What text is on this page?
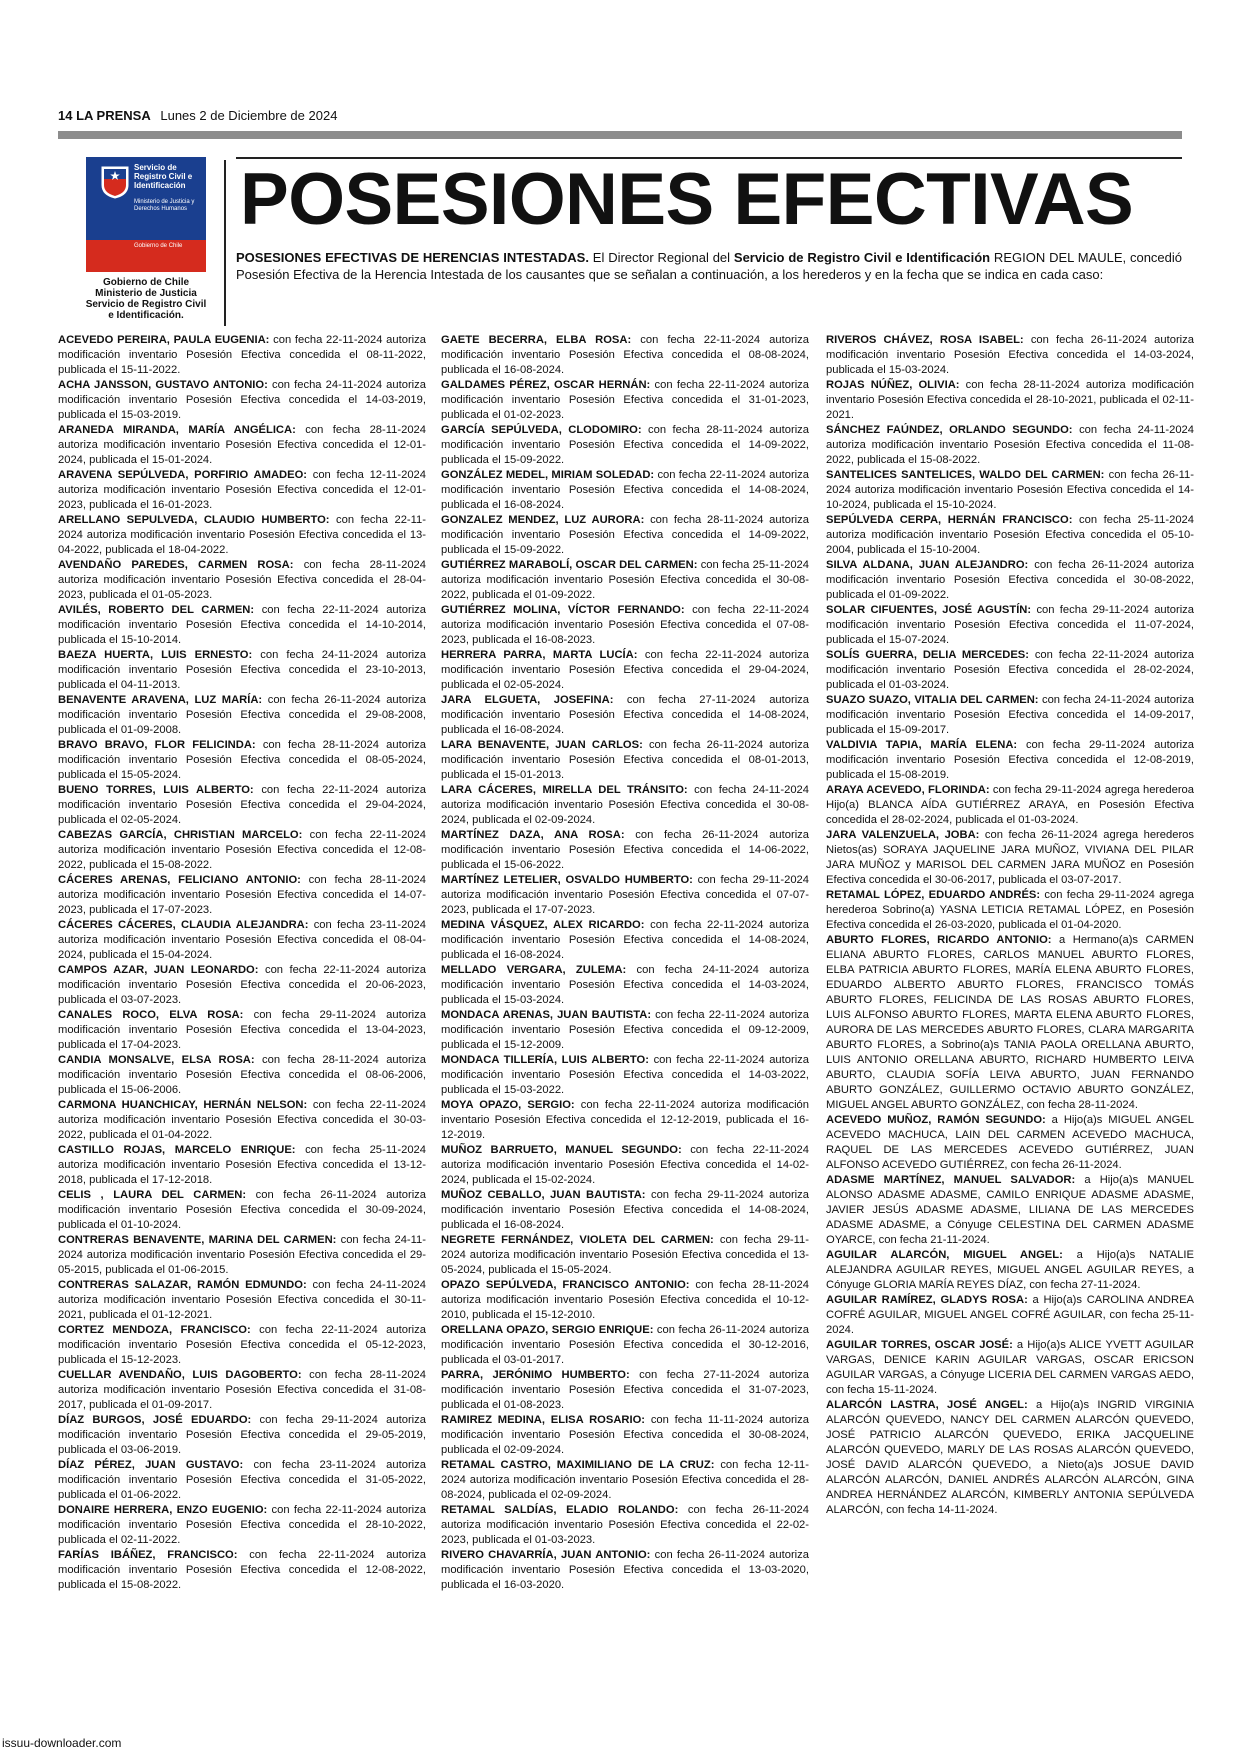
14 LA PRENSA Lunes 2 de Diciembre de 2024
Servicio de Registro Civil e Identificación
Ministerio de Justicia y Derechos Humanos
Gobierno de Chile
Gobierno de Chile
Ministerio de Justicia
Servicio de Registro Civil
e Identificación.
POSESIONES EFECTIVAS
POSESIONES EFECTIVAS DE HERENCIAS INTESTADAS. El Director Regional del Servicio de Registro Civil e Identificación REGION DEL MAULE, concedió Posesión Efectiva de la Herencia Intestada de los causantes que se señalan a continuación, a los herederos y en la fecha que se indica en cada caso:

ACEVEDO PEREIRA, PAULA EUGENIA: con fecha 22-11-2024 autoriza modificación inventario Posesión Efectiva concedida el 08-11-2022, publicada el 15-11-2022.

ACHA JANSSON, GUSTAVO ANTONIO: con fecha 24-11-2024 autoriza modificación inventario Posesión Efectiva concedida el 14-03-2019, publicada el 15-03-2019.

ARANEDA MIRANDA, MARÍA ANGÉLICA: con fecha 28-11-2024 autoriza modificación inventario Posesión Efectiva concedida el 12-01-2024, publicada el 15-01-2024.

ARAVENA SEPÚLVEDA, PORFIRIO AMADEO: con fecha 12-11-2024 autoriza modificación inventario Posesión Efectiva concedida el 12-01-2023, publicada el 16-01-2023.

ARELLANO SEPULVEDA, CLAUDIO HUMBERTO: con fecha 22-11-2024 autoriza modificación inventario Posesión Efectiva concedida el 13-04-2022, publicada el 18-04-2022.

AVENDAÑO PAREDES, CARMEN ROSA: con fecha 28-11-2024 autoriza modificación inventario Posesión Efectiva concedida el 28-04-2023, publicada el 01-05-2023.

AVILÉS, ROBERTO DEL CARMEN: con fecha 22-11-2024 autoriza modificación inventario Posesión Efectiva concedida el 14-10-2014, publicada el 15-10-2014.

BAEZA HUERTA, LUIS ERNESTO: con fecha 24-11-2024 autoriza modificación inventario Posesión Efectiva concedida el 23-10-2013, publicada el 04-11-2013.

BENAVENTE ARAVENA, LUZ MARÍA: con fecha 26-11-2024 autoriza modificación inventario Posesión Efectiva concedida el 29-08-2008, publicada el 01-09-2008.

BRAVO BRAVO, FLOR FELICINDA: con fecha 28-11-2024 autoriza modificación inventario Posesión Efectiva concedida el 08-05-2024, publicada el 15-05-2024.

BUENO TORRES, LUIS ALBERTO: con fecha 22-11-2024 autoriza modificación inventario Posesión Efectiva concedida el 29-04-2024, publicada el 02-05-2024.

CABEZAS GARCÍA, CHRISTIAN MARCELO: con fecha 22-11-2024 autoriza modificación inventario Posesión Efectiva concedida el 12-08-2022, publicada el 15-08-2022.

CÁCERES ARENAS, FELICIANO ANTONIO: con fecha 28-11-2024 autoriza modificación inventario Posesión Efectiva concedida el 14-07-2023, publicada el 17-07-2023.

CÁCERES CÁCERES, CLAUDIA ALEJANDRA: con fecha 23-11-2024 autoriza modificación inventario Posesión Efectiva concedida el 08-04-2024, publicada el 15-04-2024.

CAMPOS AZAR, JUAN LEONARDO: con fecha 22-11-2024 autoriza modificación inventario Posesión Efectiva concedida el 20-06-2023, publicada el 03-07-2023.

CANALES ROCO, ELVA ROSA: con fecha 29-11-2024 autoriza modificación inventario Posesión Efectiva concedida el 13-04-2023, publicada el 17-04-2023.

CANDIA MONSALVE, ELSA ROSA: con fecha 28-11-2024 autoriza modificación inventario Posesión Efectiva concedida el 08-06-2006, publicada el 15-06-2006.

CARMONA HUANCHICAY, HERNÁN NELSON: con fecha 22-11-2024 autoriza modificación inventario Posesión Efectiva concedida el 30-03-2022, publicada el 01-04-2022.

CASTILLO ROJAS, MARCELO ENRIQUE: con fecha 25-11-2024 autoriza modificación inventario Posesión Efectiva concedida el 13-12-2018, publicada el 17-12-2018.

CELIS , LAURA DEL CARMEN: con fecha 26-11-2024 autoriza modificación inventario Posesión Efectiva concedida el 30-09-2024, publicada el 01-10-2024.

CONTRERAS BENAVENTE, MARINA DEL CARMEN: con fecha 24-11-2024 autoriza modificación inventario Posesión Efectiva concedida el 29-05-2015, publicada el 01-06-2015.

CONTRERAS SALAZAR, RAMÓN EDMUNDO: con fecha 24-11-2024 autoriza modificación inventario Posesión Efectiva concedida el 30-11-2021, publicada el 01-12-2021.

CORTEZ MENDOZA, FRANCISCO: con fecha 22-11-2024 autoriza modificación inventario Posesión Efectiva concedida el 05-12-2023, publicada el 15-12-2023.

CUELLAR AVENDAÑO, LUIS DAGOBERTO: con fecha 28-11-2024 autoriza modificación inventario Posesión Efectiva concedida el 31-08-2017, publicada el 01-09-2017.

DÍAZ BURGOS, JOSÉ EDUARDO: con fecha 29-11-2024 autoriza modificación inventario Posesión Efectiva concedida el 29-05-2019, publicada el 03-06-2019.

DÍAZ PÉREZ, JUAN GUSTAVO: con fecha 23-11-2024 autoriza modificación inventario Posesión Efectiva concedida el 31-05-2022, publicada el 01-06-2022.

DONAIRE HERRERA, ENZO EUGENIO: con fecha 22-11-2024 autoriza modificación inventario Posesión Efectiva concedida el 28-10-2022, publicada el 02-11-2022.

FARÍAS IBÁÑEZ, FRANCISCO: con fecha 22-11-2024 autoriza modificación inventario Posesión Efectiva concedida el 12-08-2022, publicada el 15-08-2022.

GAETE BECERRA, ELBA ROSA: con fecha 22-11-2024 autoriza modificación inventario Posesión Efectiva concedida el 08-08-2024, publicada el 16-08-2024.

GALDAMES PÉREZ, OSCAR HERNÁN: con fecha 22-11-2024 autoriza modificación inventario Posesión Efectiva concedida el 31-01-2023, publicada el 01-02-2023.

GARCÍA SEPÚLVEDA, CLODOMIRO: con fecha 28-11-2024 autoriza modificación inventario Posesión Efectiva concedida el 14-09-2022, publicada el 15-09-2022.

GONZÁLEZ MEDEL, MIRIAM SOLEDAD: con fecha 22-11-2024 autoriza modificación inventario Posesión Efectiva concedida el 14-08-2024, publicada el 16-08-2024.

GONZALEZ MENDEZ, LUZ AURORA: con fecha 28-11-2024 autoriza modificación inventario Posesión Efectiva concedida el 14-09-2022, publicada el 15-09-2022.

GUTIÉRREZ MARABOLÍ, OSCAR DEL CARMEN: con fecha 25-11-2024 autoriza modificación inventario Posesión Efectiva concedida el 30-08-2022, publicada el 01-09-2022.

GUTIÉRREZ MOLINA, VÍCTOR FERNANDO: con fecha 22-11-2024 autoriza modificación inventario Posesión Efectiva concedida el 07-08-2023, publicada el 16-08-2023.

HERRERA PARRA, MARTA LUCÍA: con fecha 22-11-2024 autoriza modificación inventario Posesión Efectiva concedida el 29-04-2024, publicada el 02-05-2024.

JARA ELGUETA, JOSEFINA: con fecha 27-11-2024 autoriza modificación inventario Posesión Efectiva concedida el 14-08-2024, publicada el 16-08-2024.

LARA BENAVENTE, JUAN CARLOS: con fecha 26-11-2024 autoriza modificación inventario Posesión Efectiva concedida el 08-01-2013, publicada el 15-01-2013.

LARA CÁCERES, MIRELLA DEL TRÁNSITO: con fecha 24-11-2024 autoriza modificación inventario Posesión Efectiva concedida el 30-08-2024, publicada el 02-09-2024.

MARTÍNEZ DAZA, ANA ROSA: con fecha 26-11-2024 autoriza modificación inventario Posesión Efectiva concedida el 14-06-2022, publicada el 15-06-2022.

MARTÍNEZ LETELIER, OSVALDO HUMBERTO: con fecha 29-11-2024 autoriza modificación inventario Posesión Efectiva concedida el 07-07-2023, publicada el 17-07-2023.

MEDINA VÁSQUEZ, ALEX RICARDO: con fecha 22-11-2024 autoriza modificación inventario Posesión Efectiva concedida el 14-08-2024, publicada el 16-08-2024.

MELLADO VERGARA, ZULEMA: con fecha 24-11-2024 autoriza modificación inventario Posesión Efectiva concedida el 14-03-2024, publicada el 15-03-2024.

MONDACA ARENAS, JUAN BAUTISTA: con fecha 22-11-2024 autoriza modificación inventario Posesión Efectiva concedida el 09-12-2009, publicada el 15-12-2009.

MONDACA TILLERÍA, LUIS ALBERTO: con fecha 22-11-2024 autoriza modificación inventario Posesión Efectiva concedida el 14-03-2022, publicada el 15-03-2022.

MOYA OPAZO, SERGIO: con fecha 22-11-2024 autoriza modificación inventario Posesión Efectiva concedida el 12-12-2019, publicada el 16-12-2019.

MUÑOZ BARRUETO, MANUEL SEGUNDO: con fecha 22-11-2024 autoriza modificación inventario Posesión Efectiva concedida el 14-02-2024, publicada el 15-02-2024.

MUÑOZ CEBALLO, JUAN BAUTISTA: con fecha 29-11-2024 autoriza modificación inventario Posesión Efectiva concedida el 14-08-2024, publicada el 16-08-2024.

NEGRETE FERNÁNDEZ, VIOLETA DEL CARMEN: con fecha 29-11-2024 autoriza modificación inventario Posesión Efectiva concedida el 13-05-2024, publicada el 15-05-2024.

OPAZO SEPÚLVEDA, FRANCISCO ANTONIO: con fecha 28-11-2024 autoriza modificación inventario Posesión Efectiva concedida el 10-12-2010, publicada el 15-12-2010.

ORELLANA OPAZO, SERGIO ENRIQUE: con fecha 26-11-2024 autoriza modificación inventario Posesión Efectiva concedida el 30-12-2016, publicada el 03-01-2017.

PARRA, JERÓNIMO HUMBERTO: con fecha 27-11-2024 autoriza modificación inventario Posesión Efectiva concedida el 31-07-2023, publicada el 01-08-2023.

RAMIREZ MEDINA, ELISA ROSARIO: con fecha 11-11-2024 autoriza modificación inventario Posesión Efectiva concedida el 30-08-2024, publicada el 02-09-2024.

RETAMAL CASTRO, MAXIMILIANO DE LA CRUZ: con fecha 12-11-2024 autoriza modificación inventario Posesión Efectiva concedida el 28-08-2024, publicada el 02-09-2024.

RETAMAL SALDÍAS, ELADIO ROLANDO: con fecha 26-11-2024 autoriza modificación inventario Posesión Efectiva concedida el 22-02-2023, publicada el 01-03-2023.

RIVERO CHAVARRÍA, JUAN ANTONIO: con fecha 26-11-2024 autoriza modificación inventario Posesión Efectiva concedida el 13-03-2020, publicada el 16-03-2020.

RIVEROS CHÁVEZ, ROSA ISABEL: con fecha 26-11-2024 autoriza modificación inventario Posesión Efectiva concedida el 14-03-2024, publicada el 15-03-2024.

ROJAS NÚÑEZ, OLIVIA: con fecha 28-11-2024 autoriza modificación inventario Posesión Efectiva concedida el 28-10-2021, publicada el 02-11-2021.

SÁNCHEZ FAÚNDEZ, ORLANDO SEGUNDO: con fecha 24-11-2024 autoriza modificación inventario Posesión Efectiva concedida el 11-08-2022, publicada el 15-08-2022.

SANTELICES SANTELICES, WALDO DEL CARMEN: con fecha 26-11-2024 autoriza modificación inventario Posesión Efectiva concedida el 14-10-2024, publicada el 15-10-2024.

SEPÚLVEDA CERPA, HERNÁN FRANCISCO: con fecha 25-11-2024 autoriza modificación inventario Posesión Efectiva concedida el 05-10-2004, publicada el 15-10-2004.

SILVA ALDANA, JUAN ALEJANDRO: con fecha 26-11-2024 autoriza modificación inventario Posesión Efectiva concedida el 30-08-2022, publicada el 01-09-2022.

SOLAR CIFUENTES, JOSÉ AGUSTÍN: con fecha 29-11-2024 autoriza modificación inventario Posesión Efectiva concedida el 11-07-2024, publicada el 15-07-2024.

SOLÍS GUERRA, DELIA MERCEDES: con fecha 22-11-2024 autoriza modificación inventario Posesión Efectiva concedida el 28-02-2024, publicada el 01-03-2024.

SUAZO SUAZO, VITALIA DEL CARMEN: con fecha 24-11-2024 autoriza modificación inventario Posesión Efectiva concedida el 14-09-2017, publicada el 15-09-2017.

VALDIVIA TAPIA, MARÍA ELENA: con fecha 29-11-2024 autoriza modificación inventario Posesión Efectiva concedida el 12-08-2019, publicada el 15-08-2019.

ARAYA ACEVEDO, FLORINDA: con fecha 29-11-2024 agrega herederoa Hijo(a) BLANCA AÍDA GUTIÉRREZ ARAYA, en Posesión Efectiva concedida el 28-02-2024, publicada el 01-03-2024.

JARA VALENZUELA, JOBA: con fecha 26-11-2024 agrega herederos Nietos(as) SORAYA JAQUELINE JARA MUÑOZ, VIVIANA DEL PILAR JARA MUÑOZ y MARISOL DEL CARMEN JARA MUÑOZ en Posesión Efectiva concedida el 30-06-2017, publicada el 03-07-2017.

RETAMAL LÓPEZ, EDUARDO ANDRÉS: con fecha 29-11-2024 agrega herederoa Sobrino(a) YASNA LETICIA RETAMAL LÓPEZ, en Posesión Efectiva concedida el 26-03-2020, publicada el 01-04-2020.

ABURTO FLORES, RICARDO ANTONIO: a Hermano(a)s CARMEN ELIANA ABURTO FLORES, CARLOS MANUEL ABURTO FLORES, ELBA PATRICIA ABURTO FLORES, MARÍA ELENA ABURTO FLORES, EDUARDO ALBERTO ABURTO FLORES, FRANCISCO TOMÁS ABURTO FLORES, FELICINDA DE LAS ROSAS ABURTO FLORES, LUIS ALFONSO ABURTO FLORES, MARTA ELENA ABURTO FLORES, AURORA DE LAS MERCEDES ABURTO FLORES, CLARA MARGARITA ABURTO FLORES, a Sobrino(a)s TANIA PAOLA ORELLANA ABURTO, LUIS ANTONIO ORELLANA ABURTO, RICHARD HUMBERTO LEIVA ABURTO, CLAUDIA SOFÍA LEIVA ABURTO, JUAN FERNANDO ABURTO GONZÁLEZ, GUILLERMO OCTAVIO ABURTO GONZÁLEZ, MIGUEL ANGEL ABURTO GONZÁLEZ, con fecha 28-11-2024.

ACEVEDO MUÑOZ, RAMÓN SEGUNDO: a Hijo(a)s MIGUEL ANGEL ACEVEDO MACHUCA, LAIN DEL CARMEN ACEVEDO MACHUCA, RAQUEL DE LAS MERCEDES ACEVEDO GUTIÉRREZ, JUAN ALFONSO ACEVEDO GUTIÉRREZ, con fecha 26-11-2024.

ADASME MARTÍNEZ, MANUEL SALVADOR: a Hijo(a)s MANUEL ALONSO ADASME ADASME, CAMILO ENRIQUE ADASME ADASME, JAVIER JESÚS ADASME ADASME, LILIANA DE LAS MERCEDES ADASME ADASME, a Cónyuge CELESTINA DEL CARMEN ADASME OYARCE, con fecha 21-11-2024.

AGUILAR ALARCÓN, MIGUEL ANGEL: a Hijo(a)s NATALIE ALEJANDRA AGUILAR REYES, MIGUEL ANGEL AGUILAR REYES, a Cónyuge GLORIA MARÍA REYES DÍAZ, con fecha 27-11-2024.

AGUILAR RAMÍREZ, GLADYS ROSA: a Hijo(a)s CAROLINA ANDREA COFRÉ AGUILAR, MIGUEL ANGEL COFRÉ AGUILAR, con fecha 25-11-2024.

AGUILAR TORRES, OSCAR JOSÉ: a Hijo(a)s ALICE YVETT AGUILAR VARGAS, DENICE KARIN AGUILAR VARGAS, OSCAR ERICSON AGUILAR VARGAS, a Cónyuge LICERIA DEL CARMEN VARGAS AEDO, con fecha 15-11-2024.

ALARCÓN LASTRA, JOSÉ ANGEL: a Hijo(a)s INGRID VIRGINIA ALARCÓN QUEVEDO, NANCY DEL CARMEN ALARCÓN QUEVEDO, JOSÉ PATRICIO ALARCÓN QUEVEDO, ERIKA JACQUELINE ALARCÓN QUEVEDO, MARLY DE LAS ROSAS ALARCÓN QUEVEDO, JOSÉ DAVID ALARCÓN QUEVEDO, a Nieto(a)s JOSUE DAVID ALARCÓN ALARCÓN, DANIEL ANDRÉS ALARCÓN ALARCÓN, GINA ANDREA HERNÁNDEZ ALARCÓN, KIMBERLY ANTONIA SEPÚLVEDA ALARCÓN, con fecha 14-11-2024.

issuu-downloader.com
